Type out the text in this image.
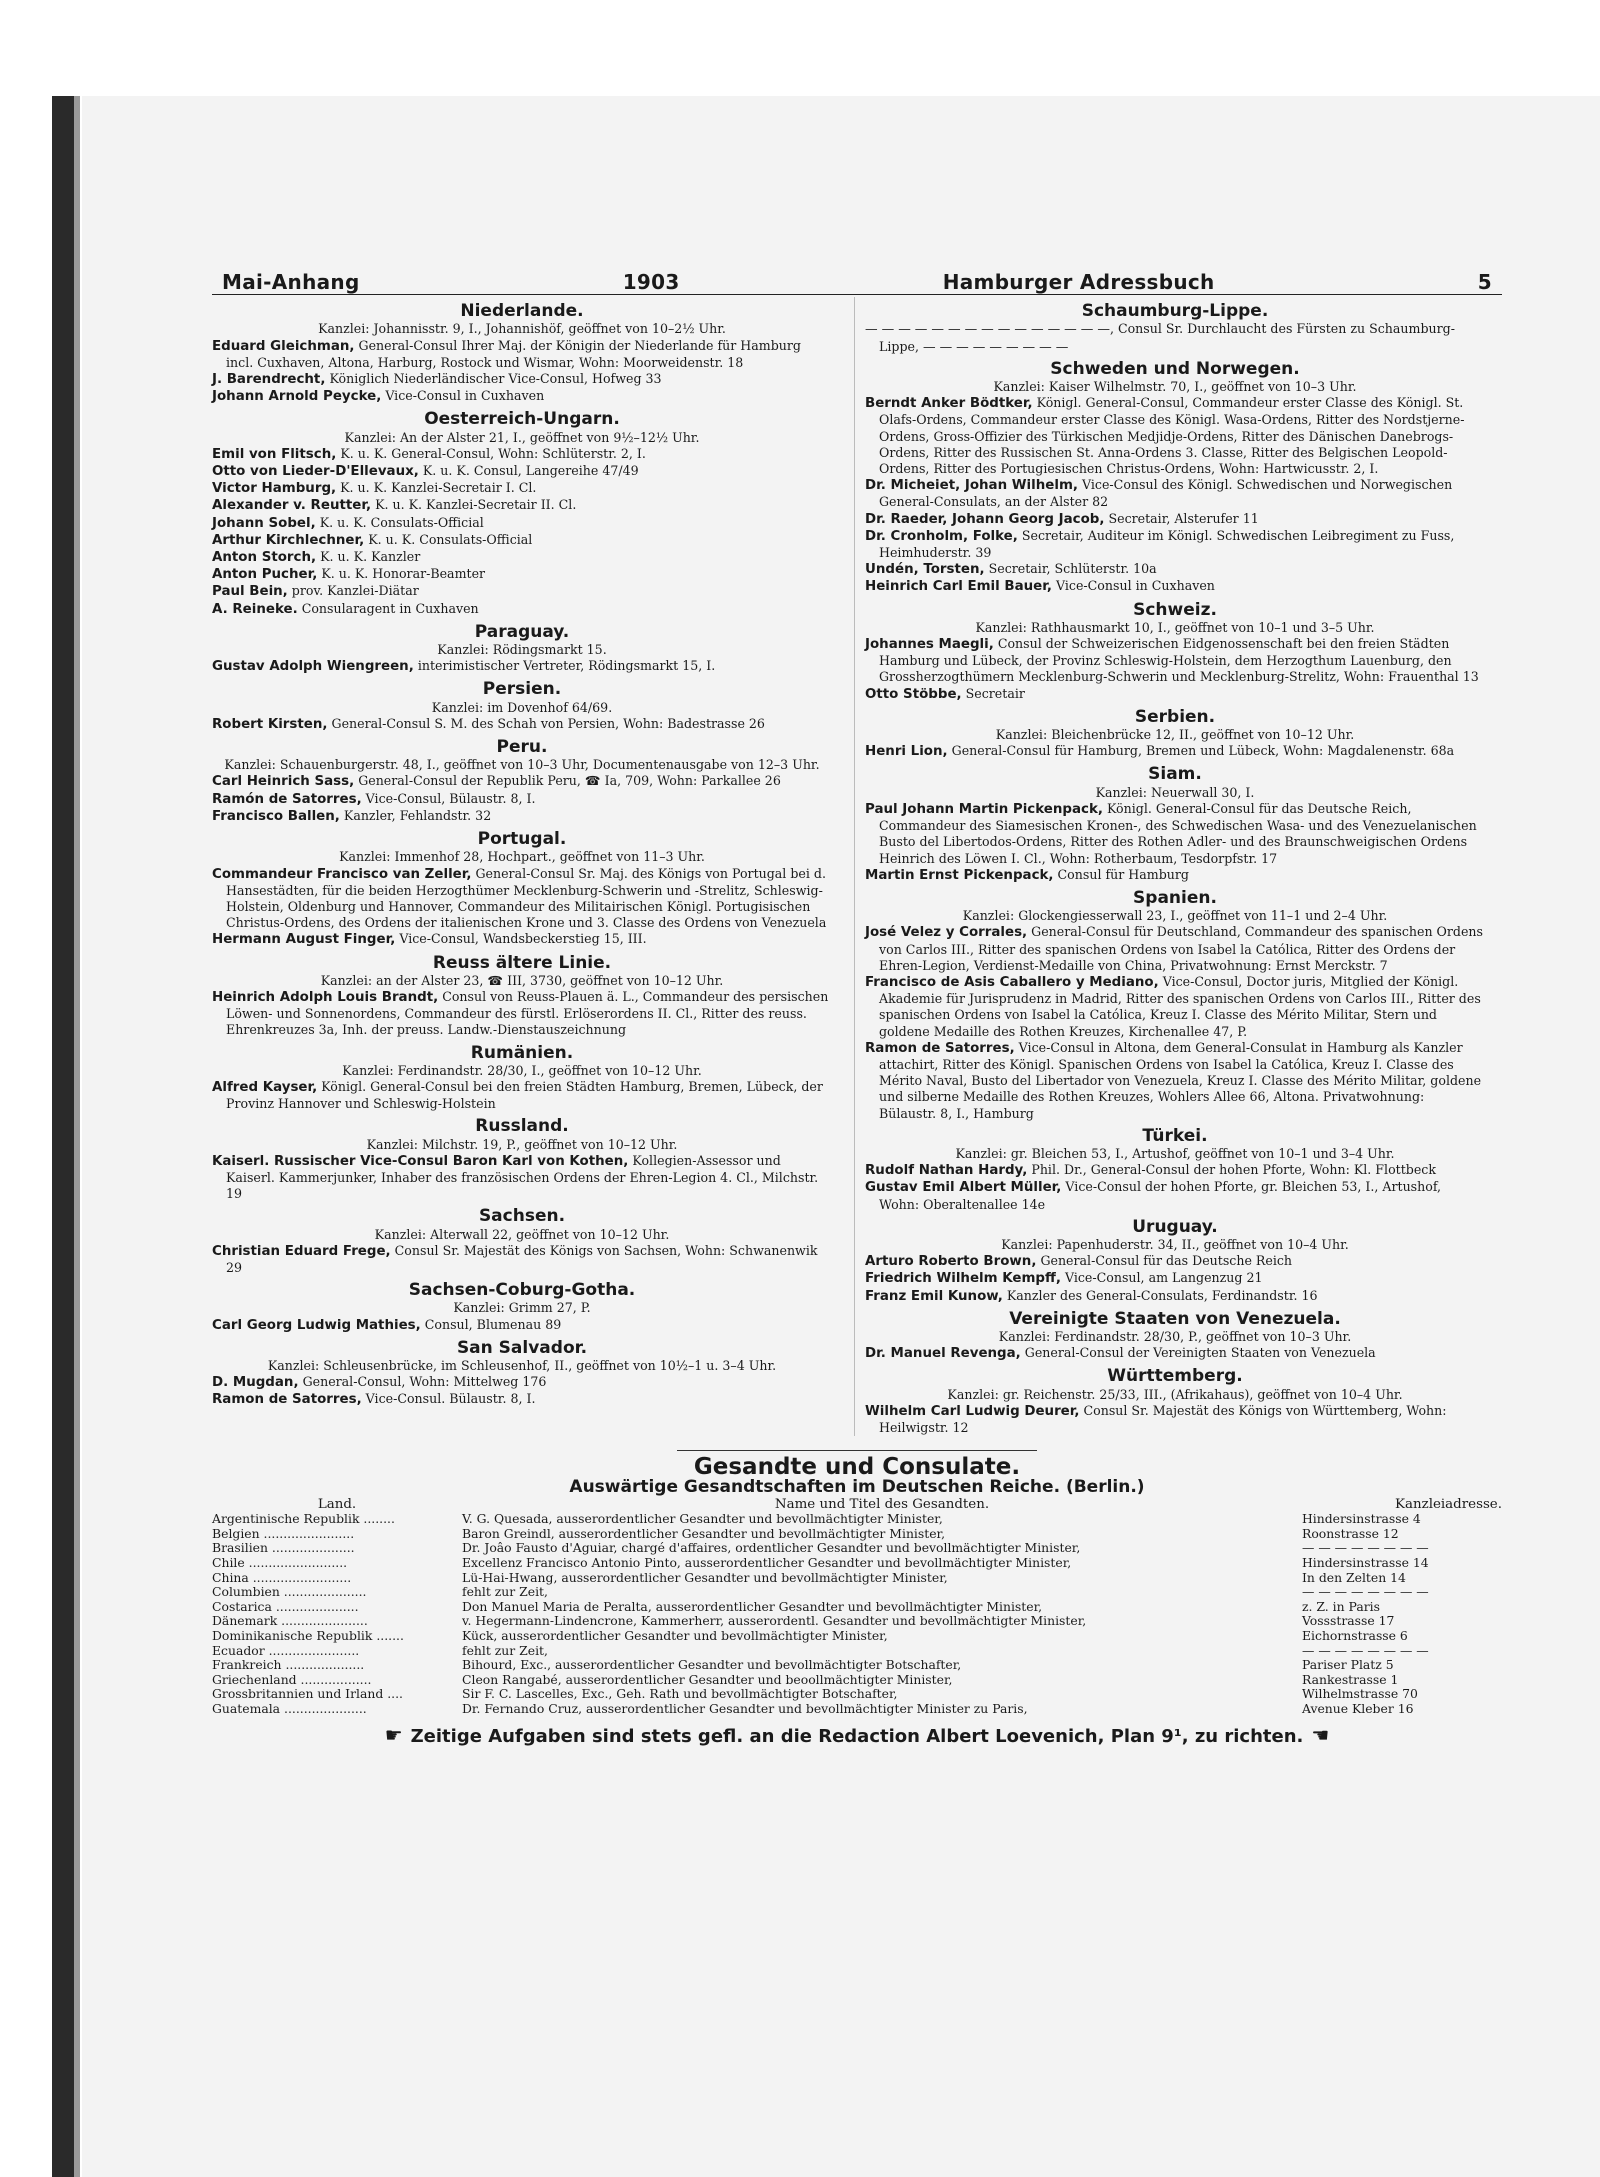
Mai-Anhang	1903	Hamburger Adressbuch	5
Niederlande.
Kanzlei: Johannisstr. 9, I., Johannishöf, geöffnet von 10–2½ Uhr.

Eduard Gleichman, General-Consul Ihrer Maj. der Königin der Niederlande für Hamburg incl. Cuxhaven, Altona, Harburg, Rostock und Wismar, Wohn: Moorweidenstr. 18

J. Barendrecht, Königlich Niederländischer Vice-Consul, Hofweg 33

Johann Arnold Peycke, Vice-Consul in Cuxhaven

Oesterreich-Ungarn.
Kanzlei: An der Alster 21, I., geöffnet von 9½–12½ Uhr.

Emil von Flitsch, K. u. K. General-Consul, Wohn: Schlüterstr. 2, I.

Otto von Lieder-D'Ellevaux, K. u. K. Consul, Langereihe 47/49

Victor Hamburg, K. u. K. Kanzlei-Secretair I. Cl.

Alexander v. Reutter, K. u. K. Kanzlei-Secretair II. Cl.

Johann Sobel, K. u. K. Consulats-Official

Arthur Kirchlechner, K. u. K. Consulats-Official

Anton Storch, K. u. K. Kanzler

Anton Pucher, K. u. K. Honorar-Beamter

Paul Bein, prov. Kanzlei-Diätar

A. Reineke. Consularagent in Cuxhaven

Paraguay.
Kanzlei: Rödingsmarkt 15.

Gustav Adolph Wiengreen, interimistischer Vertreter, Rödingsmarkt 15, I.

Persien.
Kanzlei: im Dovenhof 64/69.

Robert Kirsten, General-Consul S. M. des Schah von Persien, Wohn: Badestrasse 26

Peru.
Kanzlei: Schauenburgerstr. 48, I., geöffnet von 10–3 Uhr, Documentenausgabe von 12–3 Uhr.

Carl Heinrich Sass, General-Consul der Republik Peru, ☎ Ia, 709, Wohn: Parkallee 26

Ramón de Satorres, Vice-Consul, Bülaustr. 8, I.

Francisco Ballen, Kanzler, Fehlandstr. 32

Portugal.
Kanzlei: Immenhof 28, Hochpart., geöffnet von 11–3 Uhr.

Commandeur Francisco van Zeller, General-Consul Sr. Maj. des Königs von Portugal bei d. Hansestädten, für die beiden Herzogthümer Mecklenburg-Schwerin und -Strelitz, Schleswig-Holstein, Oldenburg und Hannover, Commandeur des Militairischen Königl. Portugisischen Christus-Ordens, des Ordens der italienischen Krone und 3. Classe des Ordens von Venezuela

Hermann August Finger, Vice-Consul, Wandsbeckerstieg 15, III.

Reuss ältere Linie.
Kanzlei: an der Alster 23, ☎ III, 3730, geöffnet von 10–12 Uhr.

Heinrich Adolph Louis Brandt, Consul von Reuss-Plauen ä. L., Commandeur des persischen Löwen- und Sonnenordens, Commandeur des fürstl. Erlöserordens II. Cl., Ritter des reuss. Ehrenkreuzes 3a, Inh. der preuss. Landw.-Dienstauszeichnung

Rumänien.
Kanzlei: Ferdinandstr. 28/30, I., geöffnet von 10–12 Uhr.

Alfred Kayser, Königl. General-Consul bei den freien Städten Hamburg, Bremen, Lübeck, der Provinz Hannover und Schleswig-Holstein

Russland.
Kanzlei: Milchstr. 19, P., geöffnet von 10–12 Uhr.

Kaiserl. Russischer Vice-Consul Baron Karl von Kothen, Kollegien-Assessor und Kaiserl. Kammerjunker, Inhaber des französischen Ordens der Ehren-Legion 4. Cl., Milchstr. 19

Sachsen.
Kanzlei: Alterwall 22, geöffnet von 10–12 Uhr.

Christian Eduard Frege, Consul Sr. Majestät des Königs von Sachsen, Wohn: Schwanenwik 29

Sachsen-Coburg-Gotha.
Kanzlei: Grimm 27, P.

Carl Georg Ludwig Mathies, Consul, Blumenau 89

San Salvador.
Kanzlei: Schleusenbrücke, im Schleusenhof, II., geöffnet von 10½–1 u. 3–4 Uhr.

D. Mugdan, General-Consul, Wohn: Mittelweg 176

Ramon de Satorres, Vice-Consul. Bülaustr. 8, I.

Schaumburg-Lippe.

— — — — — — — — — — — — — — —, Consul Sr. Durchlaucht des Fürsten zu Schaumburg-Lippe, — — — — — — — — —

Schweden und Norwegen.
Kanzlei: Kaiser Wilhelmstr. 70, I., geöffnet von 10–3 Uhr.

Berndt Anker Bödtker, Königl. General-Consul, Commandeur erster Classe des Königl. St. Olafs-Ordens, Commandeur erster Classe des Königl. Wasa-Ordens, Ritter des Nordstjerne-Ordens, Gross-Offizier des Türkischen Medjidje-Ordens, Ritter des Dänischen Danebrogs-Ordens, Ritter des Russischen St. Anna-Ordens 3. Classe, Ritter des Belgischen Leopold-Ordens, Ritter des Portugiesischen Christus-Ordens, Wohn: Hartwicusstr. 2, I.

Dr. Micheiet, Johan Wilhelm, Vice-Consul des Königl. Schwedischen und Norwegischen General-Consulats, an der Alster 82

Dr. Raeder, Johann Georg Jacob, Secretair, Alsterufer 11

Dr. Cronholm, Folke, Secretair, Auditeur im Königl. Schwedischen Leibregiment zu Fuss, Heimhuderstr. 39

Undén, Torsten, Secretair, Schlüterstr. 10a

Heinrich Carl Emil Bauer, Vice-Consul in Cuxhaven

Schweiz.
Kanzlei: Rathhausmarkt 10, I., geöffnet von 10–1 und 3–5 Uhr.

Johannes Maegli, Consul der Schweizerischen Eidgenossenschaft bei den freien Städten Hamburg und Lübeck, der Provinz Schleswig-Holstein, dem Herzogthum Lauenburg, den Grossherzogthümern Mecklenburg-Schwerin und Mecklenburg-Strelitz, Wohn: Frauenthal 13

Otto Stöbbe, Secretair

Serbien.
Kanzlei: Bleichenbrücke 12, II., geöffnet von 10–12 Uhr.

Henri Lion, General-Consul für Hamburg, Bremen und Lübeck, Wohn: Magdalenenstr. 68a

Siam.
Kanzlei: Neuerwall 30, I.

Paul Johann Martin Pickenpack, Königl. General-Consul für das Deutsche Reich, Commandeur des Siamesischen Kronen-, des Schwedischen Wasa- und des Venezuelanischen Busto del Libertodos-Ordens, Ritter des Rothen Adler- und des Braunschweigischen Ordens Heinrich des Löwen I. Cl., Wohn: Rotherbaum, Tesdorpfstr. 17

Martin Ernst Pickenpack, Consul für Hamburg

Spanien.
Kanzlei: Glockengiesserwall 23, I., geöffnet von 11–1 und 2–4 Uhr.

José Velez y Corrales, General-Consul für Deutschland, Commandeur des spanischen Ordens von Carlos III., Ritter des spanischen Ordens von Isabel la Católica, Ritter des Ordens der Ehren-Legion, Verdienst-Medaille von China, Privatwohnung: Ernst Merckstr. 7

Francisco de Asis Caballero y Mediano, Vice-Consul, Doctor juris, Mitglied der Königl. Akademie für Jurisprudenz in Madrid, Ritter des spanischen Ordens von Carlos III., Ritter des spanischen Ordens von Isabel la Católica, Kreuz I. Classe des Mérito Militar, Stern und goldene Medaille des Rothen Kreuzes, Kirchenallee 47, P.

Ramon de Satorres, Vice-Consul in Altona, dem General-Consulat in Hamburg als Kanzler attachirt, Ritter des Königl. Spanischen Ordens von Isabel la Católica, Kreuz I. Classe des Mérito Naval, Busto del Libertador von Venezuela, Kreuz I. Classe des Mérito Militar, goldene und silberne Medaille des Rothen Kreuzes, Wohlers Allee 66, Altona. Privatwohnung: Bülaustr. 8, I., Hamburg

Türkei.
Kanzlei: gr. Bleichen 53, I., Artushof, geöffnet von 10–1 und 3–4 Uhr.

Rudolf Nathan Hardy, Phil. Dr., General-Consul der hohen Pforte, Wohn: Kl. Flottbeck

Gustav Emil Albert Müller, Vice-Consul der hohen Pforte, gr. Bleichen 53, I., Artushof, Wohn: Oberaltenallee 14e

Uruguay.
Kanzlei: Papenhuderstr. 34, II., geöffnet von 10–4 Uhr.

Arturo Roberto Brown, General-Consul für das Deutsche Reich

Friedrich Wilhelm Kempff, Vice-Consul, am Langenzug 21

Franz Emil Kunow, Kanzler des General-Consulats, Ferdinandstr. 16

Vereinigte Staaten von Venezuela.
Kanzlei: Ferdinandstr. 28/30, P., geöffnet von 10–3 Uhr.

Dr. Manuel Revenga, General-Consul der Vereinigten Staaten von Venezuela

Württemberg.
Kanzlei: gr. Reichenstr. 25/33, III., (Afrikahaus), geöffnet von 10–4 Uhr.

Wilhelm Carl Ludwig Deurer, Consul Sr. Majestät des Königs von Württemberg, Wohn: Heilwigstr. 12

Gesandte und Consulate.
Auswärtige Gesandtschaften im Deutschen Reiche. (Berlin.)
Land.	Name und Titel des Gesandten.	Kanzleiadresse.
Argentinische Republik ........	V. G. Quesada, ausserordentlicher Gesandter und bevollmächtigter Minister,	Hindersinstrasse 4
Belgien .......................	Baron Greindl, ausserordentlicher Gesandter und bevollmächtigter Minister,	Roonstrasse 12
Brasilien .....................	Dr. Joâo Fausto d'Aguiar, chargé d'affaires, ordentlicher Gesandter und bevollmächtigter Minister,	— — — — — — — —
Chile .........................	Excellenz Francisco Antonio Pinto, ausserordentlicher Gesandter und bevollmächtigter Minister,	Hindersinstrasse 14
China .........................	Lü-Hai-Hwang, ausserordentlicher Gesandter und bevollmächtigter Minister,	In den Zelten 14
Columbien .....................	fehlt zur Zeit,	— — — — — — — —
Costarica .....................	Don Manuel Maria de Peralta, ausserordentlicher Gesandter und bevollmächtigter Minister,	z. Z. in Paris
Dänemark ......................	v. Hegermann-Lindencrone, Kammerherr, ausserordentl. Gesandter und bevollmächtigter Minister,	Vossstrasse 17
Dominikanische Republik .......	Kück, ausserordentlicher Gesandter und bevollmächtigter Minister,	Eichornstrasse 6
Ecuador .......................	fehlt zur Zeit,	— — — — — — — —
Frankreich ....................	Bihourd, Exc., ausserordentlicher Gesandter und bevollmächtigter Botschafter,	Pariser Platz 5
Griechenland ..................	Cleon Rangabé, ausserordentlicher Gesandter und beoollmächtigter Minister,	Rankestrasse 1
Grossbritannien und Irland ....	Sir F. C. Lascelles, Exc., Geh. Rath und bevollmächtigter Botschafter,	Wilhelmstrasse 70
Guatemala .....................	Dr. Fernando Cruz, ausserordentlicher Gesandter und bevollmächtigter Minister zu Paris,	Avenue Kleber 16
☛ Zeitige Aufgaben sind stets gefl. an die Redaction Albert Loevenich, Plan 9¹, zu richten. ☚
